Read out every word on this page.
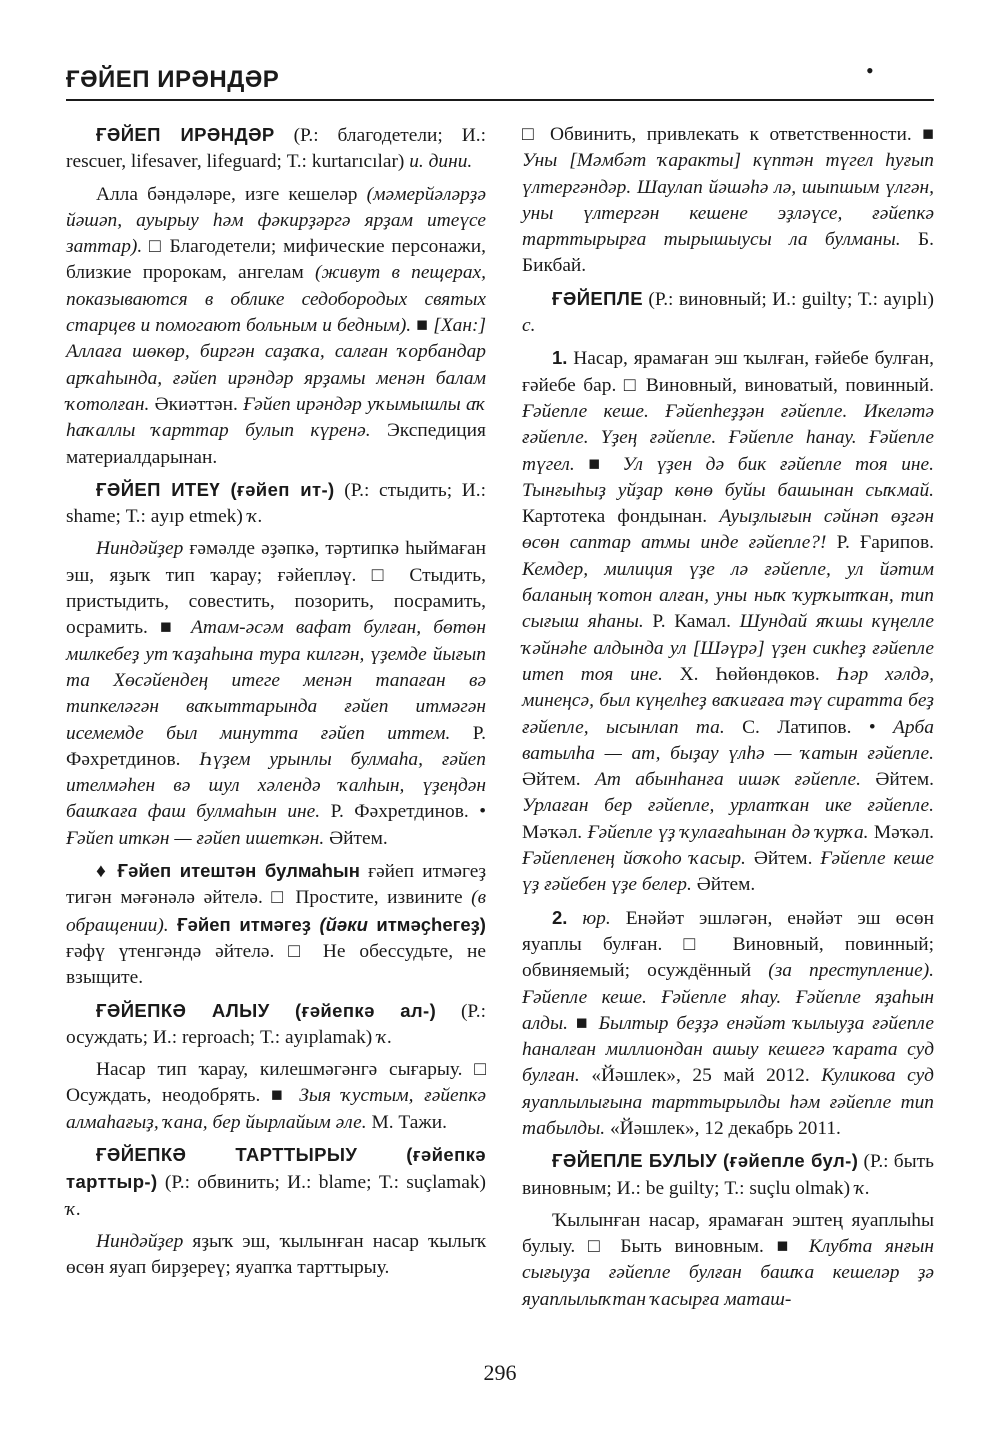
ҒӘЙЕП ИРӘНДӘР	•

ҒӘЙЕП ИРӘНДӘР (Р.: благодетели; И.: rescuer, lifesaver, lifeguard; Т.: kurtarıcılar) и. дини.

Алла бәндәләре, изге кешеләр (мәмерйәләрҙә йәшәп, ауырыу һәм фәкирҙәргә ярҙам итеүсе заттар). □ Благодетели; мифические персонажи, близкие пророкам, ангелам (живут в пещерах, показываются в облике седобородых святых старцев и помогают больным и бедным). ■ [Хан:] Аллаға шөкөр, биргән саҙаҡа, салған ҡорбандар арҡаһында, ғәйеп ирәндәр ярҙамы менән балам ҡотолған. Әкиәттән. Ғәйеп ирәндәр уҡымышлы аҡ һаҡаллы ҡарттар булып күренә. Экспедиция материалдарынан.

ҒӘЙЕП ИТЕҮ (ғәйеп ит-) (Р.: стыдить; И.: shame; Т.: ayıp etmek) ҡ.

Ниндәйҙер ғәмәлде әҙәпкә, тәртипкә һыймаған эш, яҙыҡ тип ҡарау; ғәйепләү. □ Стыдить, пристыдить, совестить, позорить, посрамить, осрамить. ■ Атам-әсәм вафат булған, бөтөн милкебеҙ ут ҡаҙаһына тура килгән, үҙемде йығып та Хөсәйендең итеге менән тапаған вә типкеләгән ваҡыттарында ғәйеп итмәгән исемемде был минутта ғәйеп иттем. Р. Фәхретдинов. Һүҙем урынлы булмаһа, ғәйеп ителмәһен вә шул хәлендә ҡалһын, үҙеңдән башҡаға фаш булмаһын ине. Р. Фәхретдинов. • Ғәйеп иткән — ғәйеп ишеткән. Әйтем.

♦ Ғәйеп итештән булмаһын ғәйеп итмәгеҙ тигән мәғәнәлә әйтелә. □ Простите, извините (в обращении). Ғәйеп итмәгеҙ (йәки итмәҫһегеҙ) ғәфү үтенгәндә әйтелә. □ Не обессудьте, не взыщите.

ҒӘЙЕПКӘ АЛЫУ (ғәйепкә ал-) (Р.: осуждать; И.: reproach; Т.: ayıplamak) ҡ.

Насар тип ҡарау, килешмәгәнгә сығарыу. □ Осуждать, неодобрять. ■ Зыя ҡустым, ғәйепкә алмаһағыҙ, ҡана, бер йырлайым әле. М. Тажи.

ҒӘЙЕПКӘ ТАРТТЫРЫУ (ғәйепкә тарттыр-) (Р.: обвинить; И.: blame; Т.: suçlamak) ҡ.

Ниндәйҙер яҙыҡ эш, ҡылынған насар ҡылыҡ өсөн яуап бирҙереү; яуапҡа тарттырыу.

□ Обвинить, привлекать к ответственности. ■ Уны [Мәмбәт ҡаракты] күптән түгел һуғып үлтергәндәр. Шаулап йәшәһә лә, шыпшым үлгән, уны үлтергән кешене эҙләүсе, ғәйепкә тарттырырға тырышыусы ла булманы. Б. Бикбай.

ҒӘЙЕПЛЕ (Р.: виновный; И.: guilty; Т.: ayıplı) с.

1. Насар, ярамаған эш ҡылған, ғәйебе булған, ғәйебе бар. □ Виновный, виноватый, повинный. Ғәйепле кеше. Ғәйепһеҙҙән ғәйепле. Икеләтә ғәйепле. Үҙең ғәйепле. Ғәйепле һанау. Ғәйепле түгел. ■ Ул үҙен дә бик ғәйепле тоя ине. Тынғыһыҙ уйҙар көнө буйы башынан сыҡмай. Картотека фондынан. Ауыҙлығын сәйнәп өҙгән өсөн саптар атмы инде ғәйепле?! Р. Ғарипов. Кемдер, милиция үҙе лә ғәйепле, ул йәтим баланың ҡотон алған, уны ныҡ ҡурҡытҡан, тип сығыш яһаны. Р. Камал. Шундай яҡшы күңелле ҡәйнәһе алдында ул [Шәүрә] үҙен сикһеҙ ғәйепле итеп тоя ине. Х. Һөйөндөков. Һәр хәлдә, минеңсә, был күңелһеҙ ваҡиғаға тәү сиратта беҙ ғәйепле, ысынлап та. С. Латипов. • Арба ватылһа — ат, быҙау үлһә — ҡатын ғәйепле. Әйтем. Ат абынһанға ишәк ғәйепле. Әйтем. Урлаған бер ғәйепле, урлатҡан ике ғәйепле. Мәҡәл. Ғәйепле үҙ ҡулағаһынан дә ҡурҡа. Мәҡәл. Ғәйепленең йоҡоһо ҡасыр. Әйтем. Ғәйепле кеше үҙ ғәйебен үҙе белер. Әйтем.

2. юр. Енәйәт эшләгән, енәйәт эш өсөн яуаплы булған. □ Виновный, повинный; обвиняемый; осуждённый (за преступление). Ғәйепле кеше. Ғәйепле яһау. Ғәйепле яҙаһын алды. ■ Былтыр беҙҙә енәйәт ҡылыуҙа ғәйепле һаналған миллиондан ашыу кешегә ҡарата суд булған. «Йәшлек», 25 май 2012. Куликова суд яуаплылығына тарттырылды һәм ғәйепле тип табылды. «Йәшлек», 12 декабрь 2011.

ҒӘЙЕПЛЕ БУЛЫУ (ғәйепле бул-) (Р.: быть виновным; И.: be guilty; Т.: suçlu olmak) ҡ.

Ҡылынған насар, ярамаған эштең яуаплыһы булыу. □ Быть виновным. ■ Клубта янғын сығыуҙа ғәйепле булған башҡа кешеләр ҙә яуаплылыҡтан ҡасырға маташ-

296
